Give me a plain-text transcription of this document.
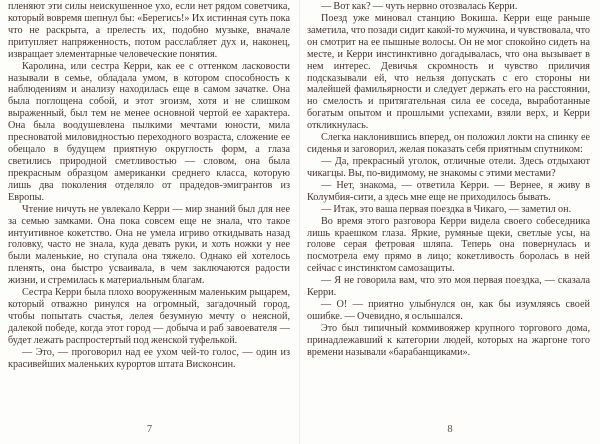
пленяют эти силы неискушенное ухо, если нет рядом советчика, который вовремя шепнул бы: «Берегись!» Их истинная суть пока что не раскрыта, а прелесть их, подобно музыке, вначале притупляет напряженность, потом расслабляет дух и, наконец, извращает элементарные человеческие понятия.

Каролина, или сестра Керри, как ее с оттенком ласковости называли в семье, обладала умом, в котором способность к наблюдениям и анализу находилась еще в самом зачатке. Она была поглощена собой, и этот эгоизм, хотя и не слишком выраженный, был тем не менее основной чертой ее характера. Она была воодушевлена пылкими мечтами юности, мила пресноватой миловидностью переходного возраста, сложение ее обещало в будущем приятную округлость форм, а глаза светились природной сметливостью — словом, она была прекрасным образцом американки среднего класса, которую лишь два поколения отделяло от прадедов-эмигрантов из Европы.

Чтение ничуть не увлекало Керри — мир знаний был для нее за семью замками. Она пока совсем еще не знала, что такое интуитивное кокетство. Она не умела игриво откидывать назад головку, часто не знала, куда девать руки, и хоть ножки у нее были маленькие, но ступала она тяжело. Однако ей хотелось пленять, она быстро усваивала, в чем заключаются радости жизни, и стремилась к материальным благам.

Сестра Керри была плохо вооруженным маленьким рыцарем, который отважно ринулся на огромный, загадочный город, чтобы попытать счастья, лелея безумную мечту о неясной, далекой победе, когда этот город — добыча и раб завоевателя — будет лежать распростертый под женской туфелькой.

— Это, — проговорил над ее ухом чей-то голос, — один из красивейших маленьких курортов штата Висконсин.

7

— Вот как? — чуть нервно отозвалась Керри.

Поезд уже миновал станцию Вокиша. Керри еще раньше заметила, что позади сидит какой-то мужчина, и чувствовала, что он смотрит на ее пышные волосы. Он не мог спокойно сидеть на месте, и Керри инстинктивно догадывалась, что она вызывает в нем интерес. Девичья скромность и чувство приличия подсказывали ей, что нельзя допускать с его стороны ни малейшей фамильярности и следует держать его на расстоянии, но смелость и притягательная сила ее соседа, выработанные богатым опытом и прошлыми успехами, взяли верх, и Керри откликнулась.

Слегка наклонившись вперед, он положил локти на спинку ее сиденья и заговорил, желая показать себя приятным спутником:

— Да, прекрасный уголок, отличные отели. Здесь отдыхают чикагцы. Вы, по-видимому, не знакомы с этими местами?

— Нет, знакома, — ответила Керри. — Вернее, я живу в Колумбия-сити, а здесь мне еще не приходилось бывать.

— Итак, это ваша первая поездка в Чикаго, — заметил он.

Во время этого разговора Керри видела своего собеседника лишь краешком глаза. Яркие, румяные щеки, светлые усы, на голове серая фетровая шляпа. Теперь она повернулась и посмотрела ему прямо в лицо; кокетливость боролась в ней сейчас с инстинктом самозащиты.

— Я не говорила вам, что это моя первая поездка, — сказала Керри.

— О! — приятно улыбнулся он, как бы изумляясь своей ошибке. — Очевидно, я ослышался.

Это был типичный коммивояжер крупного торгового дома, принадлежавший к категории людей, которых на жаргоне того времени называли «барабанщиками».

8
